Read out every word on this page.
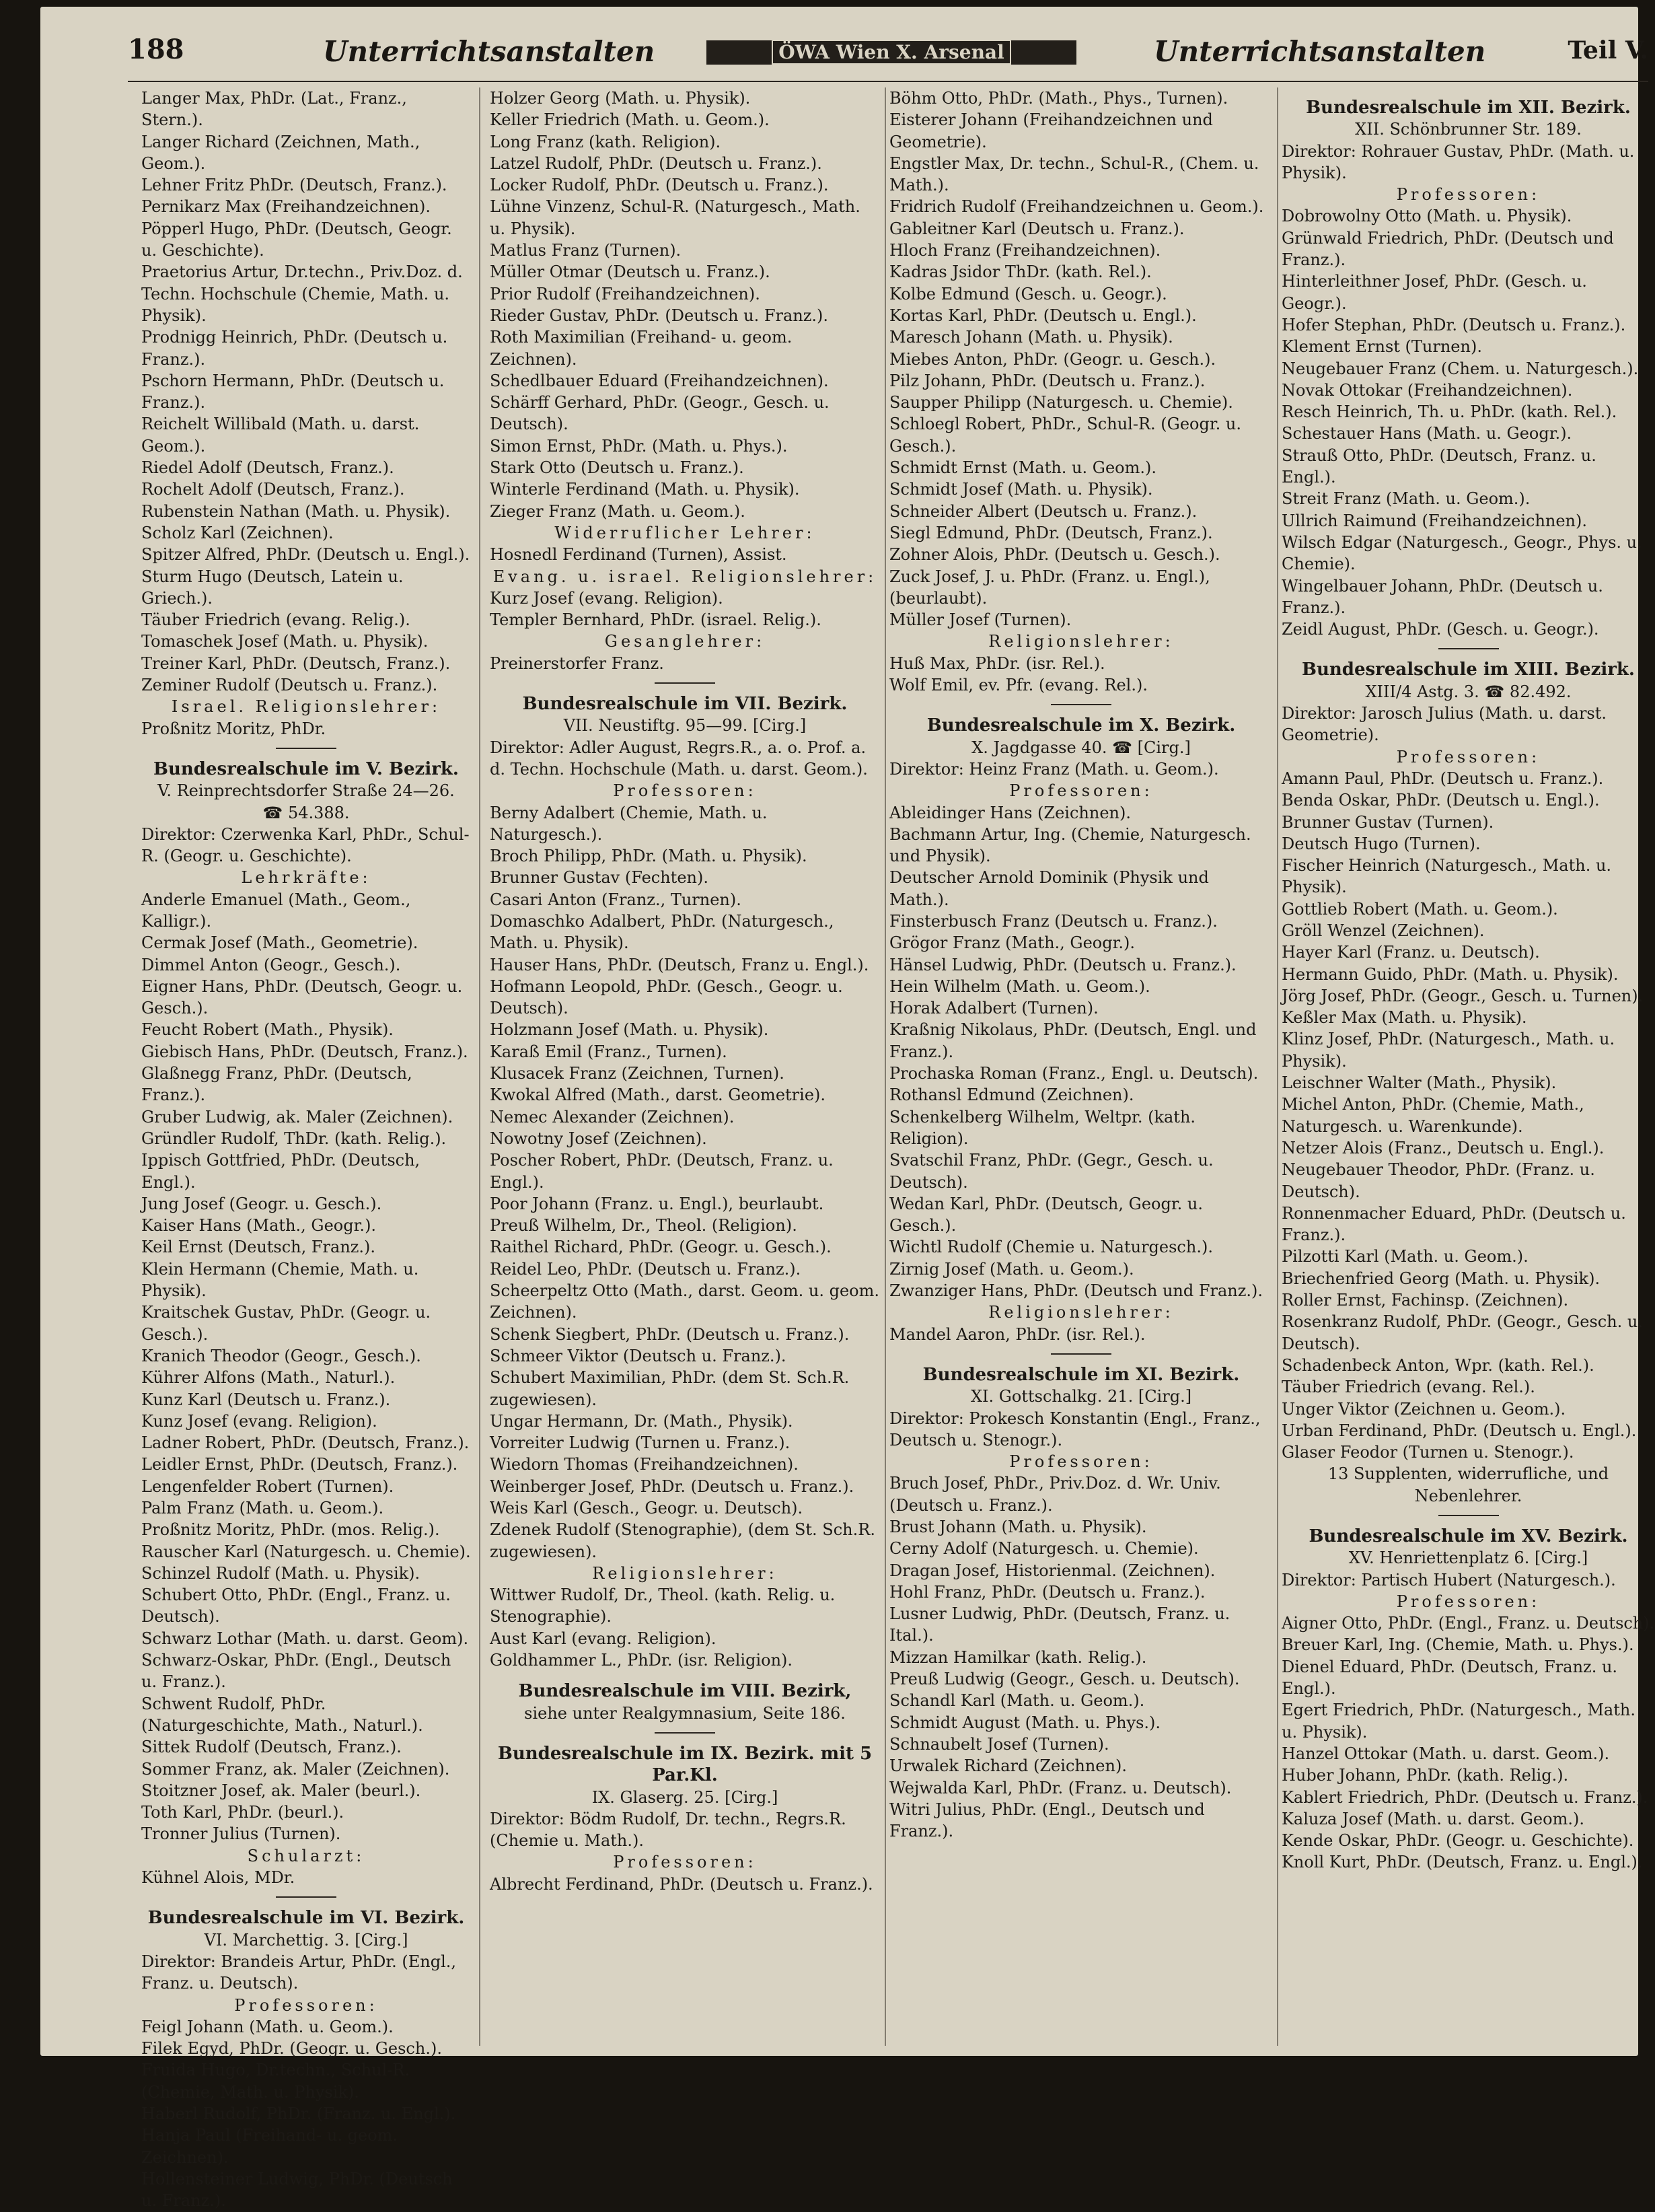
188	Unterrichtsanstalten	ÖWA Wien X. Arsenal	Unterrichtsanstalten	Teil V.

Langer Max, PhDr. (Lat., Franz., Stern.).

Langer Richard (Zeichnen, Math., Geom.).

Lehner Fritz PhDr. (Deutsch, Franz.).

Pernikarz Max (Freihandzeichnen).

Pöpperl Hugo, PhDr. (Deutsch, Geogr. u. Geschichte).

Praetorius Artur, Dr.techn., Priv.Doz. d. Techn. Hochschule (Chemie, Math. u. Physik).

Prodnigg Heinrich, PhDr. (Deutsch u. Franz.).

Pschorn Hermann, PhDr. (Deutsch u. Franz.).

Reichelt Willibald (Math. u. darst. Geom.).

Riedel Adolf (Deutsch, Franz.).

Rochelt Adolf (Deutsch, Franz.).

Rubenstein Nathan (Math. u. Physik).

Scholz Karl (Zeichnen).

Spitzer Alfred, PhDr. (Deutsch u. Engl.).

Sturm Hugo (Deutsch, Latein u. Griech.).

Täuber Friedrich (evang. Relig.).

Tomaschek Josef (Math. u. Physik).

Treiner Karl, PhDr. (Deutsch, Franz.).

Zeminer Rudolf (Deutsch u. Franz.).

Israel. Religionslehrer:

Proßnitz Moritz, PhDr.

Bundesrealschule im V. Bezirk.

V. Reinprechtsdorfer Straße 24—26.

☎ 54.388.

Direktor: Czerwenka Karl, PhDr., Schul-R. (Geogr. u. Geschichte).

Lehrkräfte:

Anderle Emanuel (Math., Geom., Kalligr.).

Cermak Josef (Math., Geometrie).

Dimmel Anton (Geogr., Gesch.).

Eigner Hans, PhDr. (Deutsch, Geogr. u. Gesch.).

Feucht Robert (Math., Physik).

Giebisch Hans, PhDr. (Deutsch, Franz.).

Glaßnegg Franz, PhDr. (Deutsch, Franz.).

Gruber Ludwig, ak. Maler (Zeichnen).

Gründler Rudolf, ThDr. (kath. Relig.).

Ippisch Gottfried, PhDr. (Deutsch, Engl.).

Jung Josef (Geogr. u. Gesch.).

Kaiser Hans (Math., Geogr.).

Keil Ernst (Deutsch, Franz.).

Klein Hermann (Chemie, Math. u. Physik).

Kraitschek Gustav, PhDr. (Geogr. u. Gesch.).

Kranich Theodor (Geogr., Gesch.).

Kührer Alfons (Math., Naturl.).

Kunz Karl (Deutsch u. Franz.).

Kunz Josef (evang. Religion).

Ladner Robert, PhDr. (Deutsch, Franz.).

Leidler Ernst, PhDr. (Deutsch, Franz.).

Lengenfelder Robert (Turnen).

Palm Franz (Math. u. Geom.).

Proßnitz Moritz, PhDr. (mos. Relig.).

Rauscher Karl (Naturgesch. u. Chemie).

Schinzel Rudolf (Math. u. Physik).

Schubert Otto, PhDr. (Engl., Franz. u. Deutsch).

Schwarz Lothar (Math. u. darst. Geom).

Schwarz-Oskar, PhDr. (Engl., Deutsch u. Franz.).

Schwent Rudolf, PhDr. (Naturgeschichte, Math., Naturl.).

Sittek Rudolf (Deutsch, Franz.).

Sommer Franz, ak. Maler (Zeichnen).

Stoitzner Josef, ak. Maler (beurl.).

Toth Karl, PhDr. (beurl.).

Tronner Julius (Turnen).

Schularzt:

Kühnel Alois, MDr.

Bundesrealschule im VI. Bezirk.

VI. Marchettig. 3. [Cirg.]

Direktor: Brandeis Artur, PhDr. (Engl., Franz. u. Deutsch).

Professoren:

Feigl Johann (Math. u. Geom.).

Filek Egyd, PhDr. (Geogr. u. Gesch.).

Fruida Hugo, Dr.techn., Schul-R. (Chemie, Math. u. Physik).

Haberl Rudolf, PhDr. (Franz. u. Engl.).

Hanja Paul (Freihand- u. geom. Zeichnen).

Hollensteiner Ludwig, PhDr. (Deutsch u. Franz.).

Holzer Georg (Math. u. Physik).

Keller Friedrich (Math. u. Geom.).

Long Franz (kath. Religion).

Latzel Rudolf, PhDr. (Deutsch u. Franz.).

Locker Rudolf, PhDr. (Deutsch u. Franz.).

Lühne Vinzenz, Schul-R. (Naturgesch., Math. u. Physik).

Matlus Franz (Turnen).

Müller Otmar (Deutsch u. Franz.).

Prior Rudolf (Freihandzeichnen).

Rieder Gustav, PhDr. (Deutsch u. Franz.).

Roth Maximilian (Freihand- u. geom. Zeichnen).

Schedlbauer Eduard (Freihandzeichnen).

Schärff Gerhard, PhDr. (Geogr., Gesch. u. Deutsch).

Simon Ernst, PhDr. (Math. u. Phys.).

Stark Otto (Deutsch u. Franz.).

Winterle Ferdinand (Math. u. Physik).

Zieger Franz (Math. u. Geom.).

Widerruflicher Lehrer:

Hosnedl Ferdinand (Turnen), Assist.

Evang. u. israel. Religionslehrer:

Kurz Josef (evang. Religion).

Templer Bernhard, PhDr. (israel. Relig.).

Gesanglehrer:

Preinerstorfer Franz.

Bundesrealschule im VII. Bezirk.

VII. Neustiftg. 95—99. [Cirg.]

Direktor: Adler August, Regrs.R., a. o. Prof. a. d. Techn. Hochschule (Math. u. darst. Geom.).

Professoren:

Berny Adalbert (Chemie, Math. u. Naturgesch.).

Broch Philipp, PhDr. (Math. u. Physik).

Brunner Gustav (Fechten).

Casari Anton (Franz., Turnen).

Domaschko Adalbert, PhDr. (Naturgesch., Math. u. Physik).

Hauser Hans, PhDr. (Deutsch, Franz u. Engl.).

Hofmann Leopold, PhDr. (Gesch., Geogr. u. Deutsch).

Holzmann Josef (Math. u. Physik).

Karaß Emil (Franz., Turnen).

Klusacek Franz (Zeichnen, Turnen).

Kwokal Alfred (Math., darst. Geometrie).

Nemec Alexander (Zeichnen).

Nowotny Josef (Zeichnen).

Poscher Robert, PhDr. (Deutsch, Franz. u. Engl.).

Poor Johann (Franz. u. Engl.), beurlaubt.

Preuß Wilhelm, Dr., Theol. (Religion).

Raithel Richard, PhDr. (Geogr. u. Gesch.).

Reidel Leo, PhDr. (Deutsch u. Franz.).

Scheerpeltz Otto (Math., darst. Geom. u. geom. Zeichnen).

Schenk Siegbert, PhDr. (Deutsch u. Franz.).

Schmeer Viktor (Deutsch u. Franz.).

Schubert Maximilian, PhDr. (dem St. Sch.R. zugewiesen).

Ungar Hermann, Dr. (Math., Physik).

Vorreiter Ludwig (Turnen u. Franz.).

Wiedorn Thomas (Freihandzeichnen).

Weinberger Josef, PhDr. (Deutsch u. Franz.).

Weis Karl (Gesch., Geogr. u. Deutsch).

Zdenek Rudolf (Stenographie), (dem St. Sch.R. zugewiesen).

Religionslehrer:

Wittwer Rudolf, Dr., Theol. (kath. Relig. u. Stenographie).

Aust Karl (evang. Religion).

Goldhammer L., PhDr. (isr. Religion).

Bundesrealschule im VIII. Bezirk,

siehe unter Realgymnasium, Seite 186.

Bundesrealschule im IX. Bezirk. mit 5 Par.Kl.

IX. Glaserg. 25. [Cirg.]

Direktor: Bödm Rudolf, Dr. techn., Regrs.R. (Chemie u. Math.).

Professoren:

Albrecht Ferdinand, PhDr. (Deutsch u. Franz.).

Böhm Otto, PhDr. (Math., Phys., Turnen).

Eisterer Johann (Freihandzeichnen und Geometrie).

Engstler Max, Dr. techn., Schul-R., (Chem. u. Math.).

Fridrich Rudolf (Freihandzeichnen u. Geom.).

Gableitner Karl (Deutsch u. Franz.).

Hloch Franz (Freihandzeichnen).

Kadras Jsidor ThDr. (kath. Rel.).

Kolbe Edmund (Gesch. u. Geogr.).

Kortas Karl, PhDr. (Deutsch u. Engl.).

Maresch Johann (Math. u. Physik).

Miebes Anton, PhDr. (Geogr. u. Gesch.).

Pilz Johann, PhDr. (Deutsch u. Franz.).

Saupper Philipp (Naturgesch. u. Chemie).

Schloegl Robert, PhDr., Schul-R. (Geogr. u. Gesch.).

Schmidt Ernst (Math. u. Geom.).

Schmidt Josef (Math. u. Physik).

Schneider Albert (Deutsch u. Franz.).

Siegl Edmund, PhDr. (Deutsch, Franz.).

Zohner Alois, PhDr. (Deutsch u. Gesch.).

Zuck Josef, J. u. PhDr. (Franz. u. Engl.), (beurlaubt).

Müller Josef (Turnen).

Religionslehrer:

Huß Max, PhDr. (isr. Rel.).

Wolf Emil, ev. Pfr. (evang. Rel.).

Bundesrealschule im X. Bezirk.

X. Jagdgasse 40. ☎ [Cirg.]

Direktor: Heinz Franz (Math. u. Geom.).

Professoren:

Ableidinger Hans (Zeichnen).

Bachmann Artur, Ing. (Chemie, Naturgesch. und Physik).

Deutscher Arnold Dominik (Physik und Math.).

Finsterbusch Franz (Deutsch u. Franz.).

Grögor Franz (Math., Geogr.).

Hänsel Ludwig, PhDr. (Deutsch u. Franz.).

Hein Wilhelm (Math. u. Geom.).

Horak Adalbert (Turnen).

Kraßnig Nikolaus, PhDr. (Deutsch, Engl. und Franz.).

Prochaska Roman (Franz., Engl. u. Deutsch).

Rothansl Edmund (Zeichnen).

Schenkelberg Wilhelm, Weltpr. (kath. Religion).

Svatschil Franz, PhDr. (Gegr., Gesch. u. Deutsch).

Wedan Karl, PhDr. (Deutsch, Geogr. u. Gesch.).

Wichtl Rudolf (Chemie u. Naturgesch.).

Zirnig Josef (Math. u. Geom.).

Zwanziger Hans, PhDr. (Deutsch und Franz.).

Religionslehrer:

Mandel Aaron, PhDr. (isr. Rel.).

Bundesrealschule im XI. Bezirk.

XI. Gottschalkg. 21. [Cirg.]

Direktor: Prokesch Konstantin (Engl., Franz., Deutsch u. Stenogr.).

Professoren:

Bruch Josef, PhDr., Priv.Doz. d. Wr. Univ. (Deutsch u. Franz.).

Brust Johann (Math. u. Physik).

Cerny Adolf (Naturgesch. u. Chemie).

Dragan Josef, Historienmal. (Zeichnen).

Hohl Franz, PhDr. (Deutsch u. Franz.).

Lusner Ludwig, PhDr. (Deutsch, Franz. u. Ital.).

Mizzan Hamilkar (kath. Relig.).

Preuß Ludwig (Geogr., Gesch. u. Deutsch).

Schandl Karl (Math. u. Geom.).

Schmidt August (Math. u. Phys.).

Schnaubelt Josef (Turnen).

Urwalek Richard (Zeichnen).

Wejwalda Karl, PhDr. (Franz. u. Deutsch).

Witri Julius, PhDr. (Engl., Deutsch und Franz.).

Bundesrealschule im XII. Bezirk.

XII. Schönbrunner Str. 189.

Direktor: Rohrauer Gustav, PhDr. (Math. u. Physik).

Professoren:

Dobrowolny Otto (Math. u. Physik).

Grünwald Friedrich, PhDr. (Deutsch und Franz.).

Hinterleithner Josef, PhDr. (Gesch. u. Geogr.).

Hofer Stephan, PhDr. (Deutsch u. Franz.).

Klement Ernst (Turnen).

Neugebauer Franz (Chem. u. Naturgesch.).

Novak Ottokar (Freihandzeichnen).

Resch Heinrich, Th. u. PhDr. (kath. Rel.).

Schestauer Hans (Math. u. Geogr.).

Strauß Otto, PhDr. (Deutsch, Franz. u. Engl.).

Streit Franz (Math. u. Geom.).

Ullrich Raimund (Freihandzeichnen).

Wilsch Edgar (Naturgesch., Geogr., Phys. u. Chemie).

Wingelbauer Johann, PhDr. (Deutsch u. Franz.).

Zeidl August, PhDr. (Gesch. u. Geogr.).

Bundesrealschule im XIII. Bezirk.

XIII/4 Astg. 3. ☎ 82.492.

Direktor: Jarosch Julius (Math. u. darst. Geometrie).

Professoren:

Amann Paul, PhDr. (Deutsch u. Franz.).

Benda Oskar, PhDr. (Deutsch u. Engl.).

Brunner Gustav (Turnen).

Deutsch Hugo (Turnen).

Fischer Heinrich (Naturgesch., Math. u. Physik).

Gottlieb Robert (Math. u. Geom.).

Gröll Wenzel (Zeichnen).

Hayer Karl (Franz. u. Deutsch).

Hermann Guido, PhDr. (Math. u. Physik).

Jörg Josef, PhDr. (Geogr., Gesch. u. Turnen).

Keßler Max (Math. u. Physik).

Klinz Josef, PhDr. (Naturgesch., Math. u. Physik).

Leischner Walter (Math., Physik).

Michel Anton, PhDr. (Chemie, Math., Naturgesch. u. Warenkunde).

Netzer Alois (Franz., Deutsch u. Engl.).

Neugebauer Theodor, PhDr. (Franz. u. Deutsch).

Ronnenmacher Eduard, PhDr. (Deutsch u. Franz.).

Pilzotti Karl (Math. u. Geom.).

Briechenfried Georg (Math. u. Physik).

Roller Ernst, Fachinsp. (Zeichnen).

Rosenkranz Rudolf, PhDr. (Geogr., Gesch. u. Deutsch).

Schadenbeck Anton, Wpr. (kath. Rel.).

Täuber Friedrich (evang. Rel.).

Unger Viktor (Zeichnen u. Geom.).

Urban Ferdinand, PhDr. (Deutsch u. Engl.).

Glaser Feodor (Turnen u. Stenogr.).

13 Supplenten, widerrufliche, und Nebenlehrer.

Bundesrealschule im XV. Bezirk.

XV. Henriettenplatz 6. [Cirg.]

Direktor: Partisch Hubert (Naturgesch.).

Professoren:

Aigner Otto, PhDr. (Engl., Franz. u. Deutsch).

Breuer Karl, Ing. (Chemie, Math. u. Phys.).

Dienel Eduard, PhDr. (Deutsch, Franz. u. Engl.).

Egert Friedrich, PhDr. (Naturgesch., Math. u. Physik).

Hanzel Ottokar (Math. u. darst. Geom.).

Huber Johann, PhDr. (kath. Relig.).

Kablert Friedrich, PhDr. (Deutsch u. Franz.).

Kaluza Josef (Math. u. darst. Geom.).

Kende Oskar, PhDr. (Geogr. u. Geschichte).

Knoll Kurt, PhDr. (Deutsch, Franz. u. Engl.).
